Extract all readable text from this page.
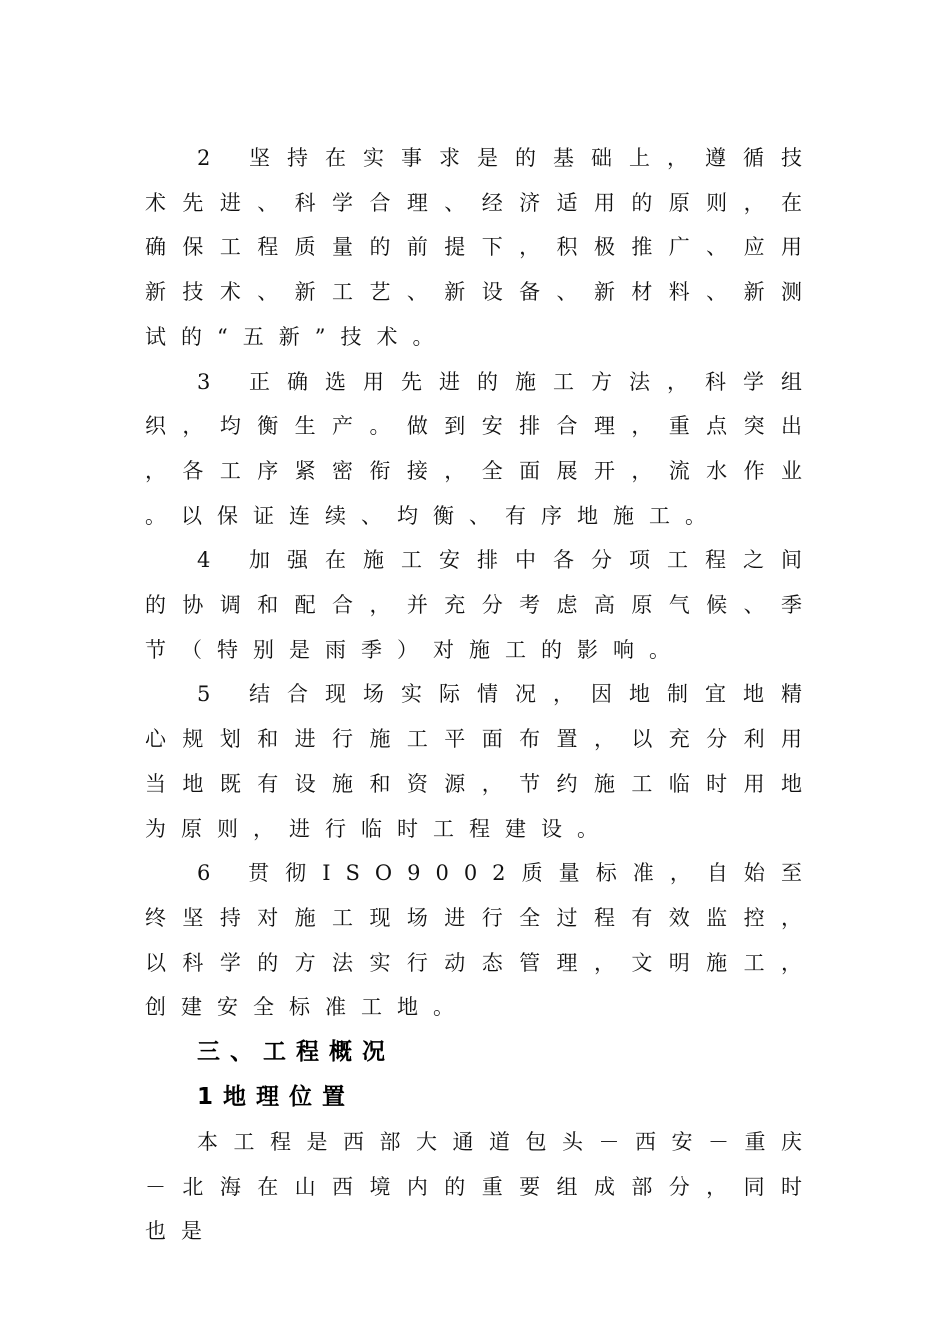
2 坚持在实事求是的基础上，遵循技术先进、科学合理、经济适用的原则，在确保工程质量的前提下，积极推广、应用新技术、新工艺、新设备、新材料、新测试的“五新”技术。

3 正确选用先进的施工方法，科学组织，均衡生产。做到安排合理，重点突出，各工序紧密衔接，全面展开，流水作业。以保证连续、均衡、有序地施工。

4 加强在施工安排中各分项工程之间的协调和配合，并充分考虑高原气候、季节（特别是雨季）对施工的影响。

5 结合现场实际情况，因地制宜地精心规划和进行施工平面布置，以充分利用当地既有设施和资源，节约施工临时用地为原则，进行临时工程建设。

6 贯彻ISO9002质量标准，自始至终坚持对施工现场进行全过程有效监控，以科学的方法实行动态管理，文明施工，创建安全标准工地。

三、工程概况

1地理位置

本工程是西部大通道包头－西安－重庆－北海在山西境内的重要组成部分，同时也是
